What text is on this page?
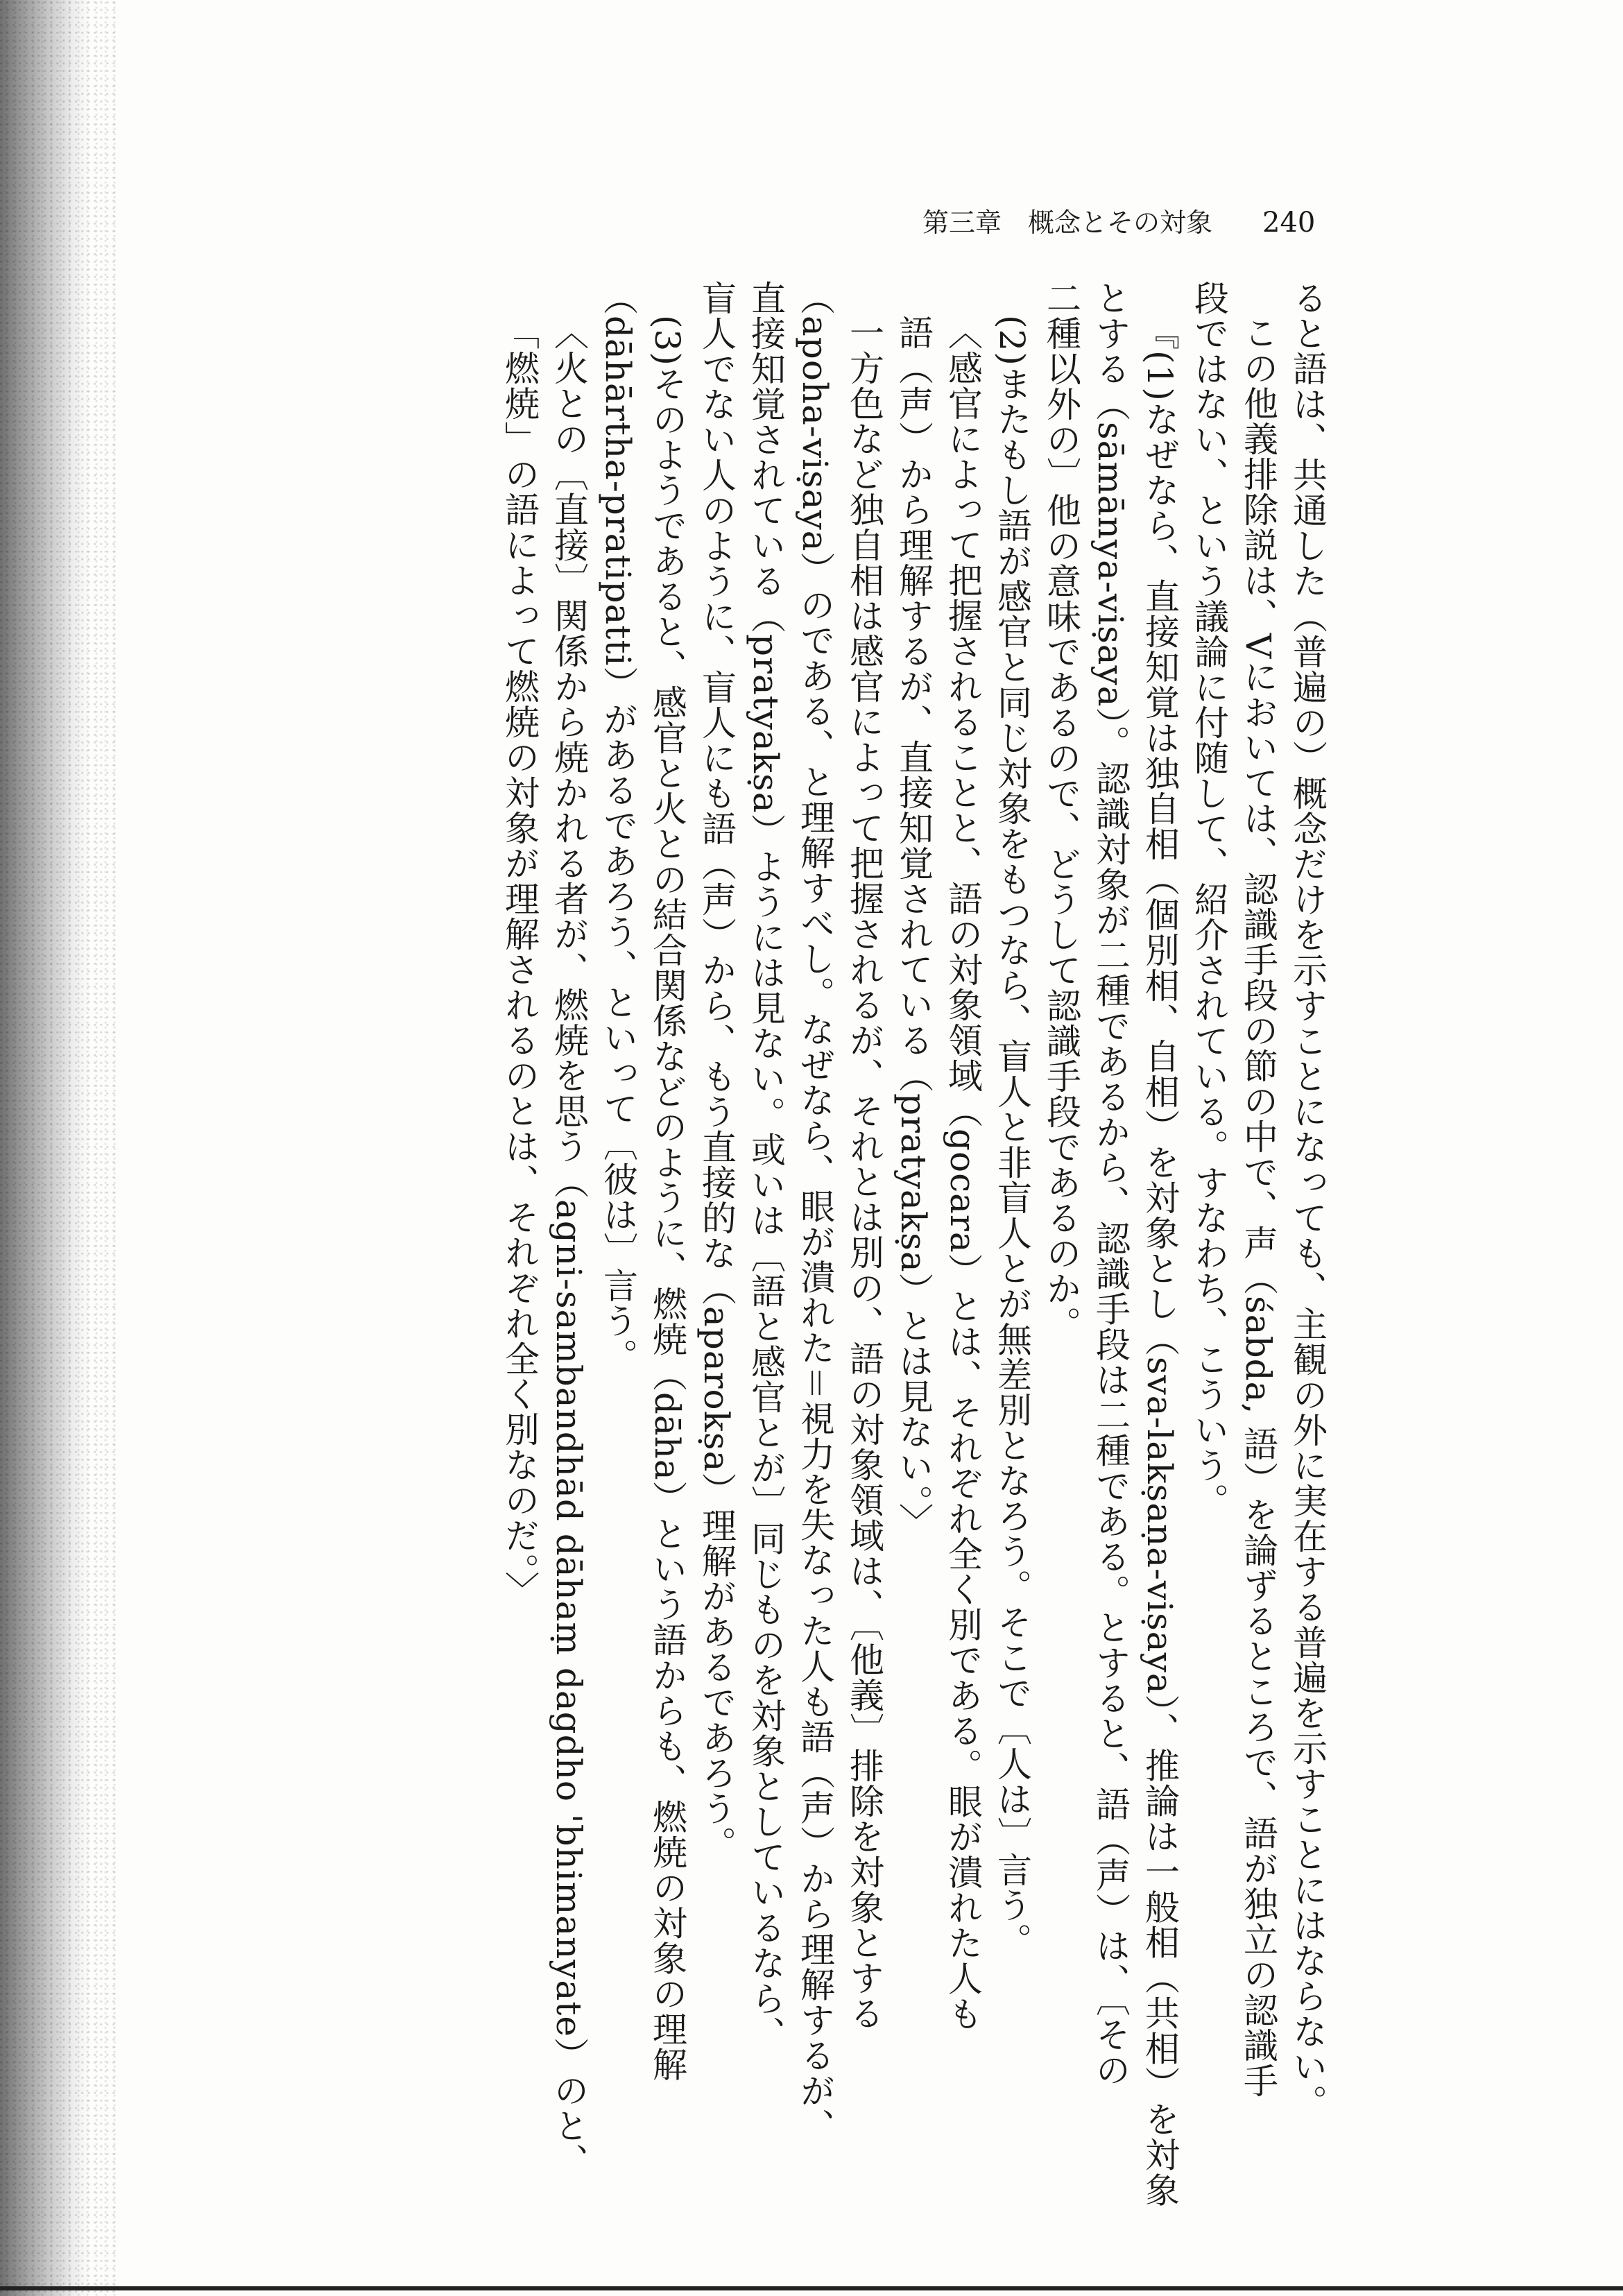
第三章　概念とその対象 240
ると語は、共通した（普遍の）概念だけを示すことになっても、主観の外に実在する普遍を示すことにはならない。
この他義排除説は、Vにおいては、認識手段の節の中で、声（śabda, 語）を論ずるところで、語が独立の認識手
段ではない、という議論に付随して、紹介されている。すなわち、こういう。
『(1)なぜなら、直接知覚は独自相（個別相、自相）を対象とし（sva-lakṣaṇa-viṣaya）、推論は一般相（共相）を対象
とする（sāmānya-viṣaya）。認識対象が二種であるから、認識手段は二種である。とすると、語（声）は、〔その
二種以外の〕他の意味であるので、どうして認識手段であるのか。
(2)またもし語が感官と同じ対象をもつなら、盲人と非盲人とが無差別となろう。そこで〔人は〕言う。
〈感官によって把握されることと、語の対象領域（gocara）とは、それぞれ全く別である。眼が潰れた人も
語（声）から理解するが、直接知覚されている（pratyakṣa）とは見ない。〉
一方色など独自相は感官によって把握されるが、それとは別の、語の対象領域は、〔他義〕排除を対象とする
（apoha-viṣaya）のである、と理解すべし。なぜなら、眼が潰れた＝視力を失なった人も語（声）から理解するが、
直接知覚されている（pratyakṣa）ようには見ない。或いは〔語と感官とが〕同じものを対象としているなら、
盲人でない人のように、盲人にも語（声）から、もう直接的な（aparokṣa）理解があるであろう。
(3)そのようであると、感官と火との結合関係などのように、燃焼（dāha）という語からも、燃焼の対象の理解
（dāhārtha-pratipatti）があるであろう、といって〔彼は〕言う。
〈火との〔直接〕関係から焼かれる者が、燃焼を思う（agni-sambandhād dāhaṃ dagdho 'bhimanyate）のと、
「燃焼」の語によって燃焼の対象が理解されるのとは、それぞれ全く別なのだ。〉
